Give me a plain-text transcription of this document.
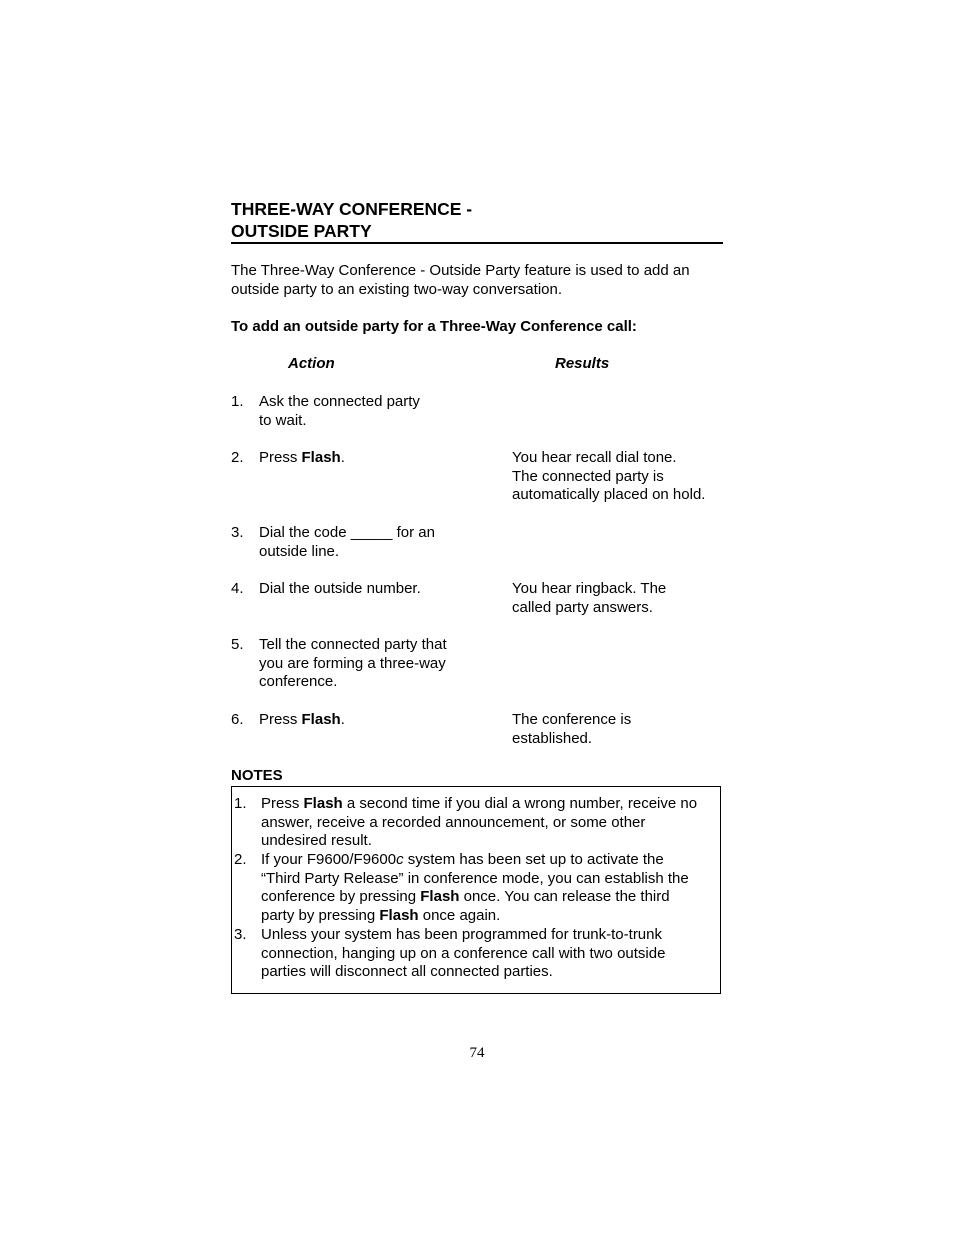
THREE-WAY CONFERENCE -
OUTSIDE PARTY
The Three-Way Conference - Outside Party feature is used to add an
outside party to an existing two-way conversation.
To add an outside party for a Three-Way Conference call:
Action	Results
1. Ask the connected party
to wait.
2. Press Flash.	You hear recall dial tone.
The connected party is
automatically placed on hold.
3. Dial the code _____ for an
outside line.
4. Dial the outside number.	You hear ringback. The
called party answers.
5. Tell the connected party that
you are forming a three-way
conference.
6. Press Flash.	The conference is
established.
NOTES
1. Press Flash a second time if you dial a wrong number, receive no
answer, receive a recorded announcement, or some other
undesired result.
2. If your F9600/F9600c system has been set up to activate the
“Third Party Release” in conference mode, you can establish the
conference by pressing Flash once. You can release the third
party by pressing Flash once again.
3. Unless your system has been programmed for trunk-to-trunk
connection, hanging up on a conference call with two outside
parties will disconnect all connected parties.
74
